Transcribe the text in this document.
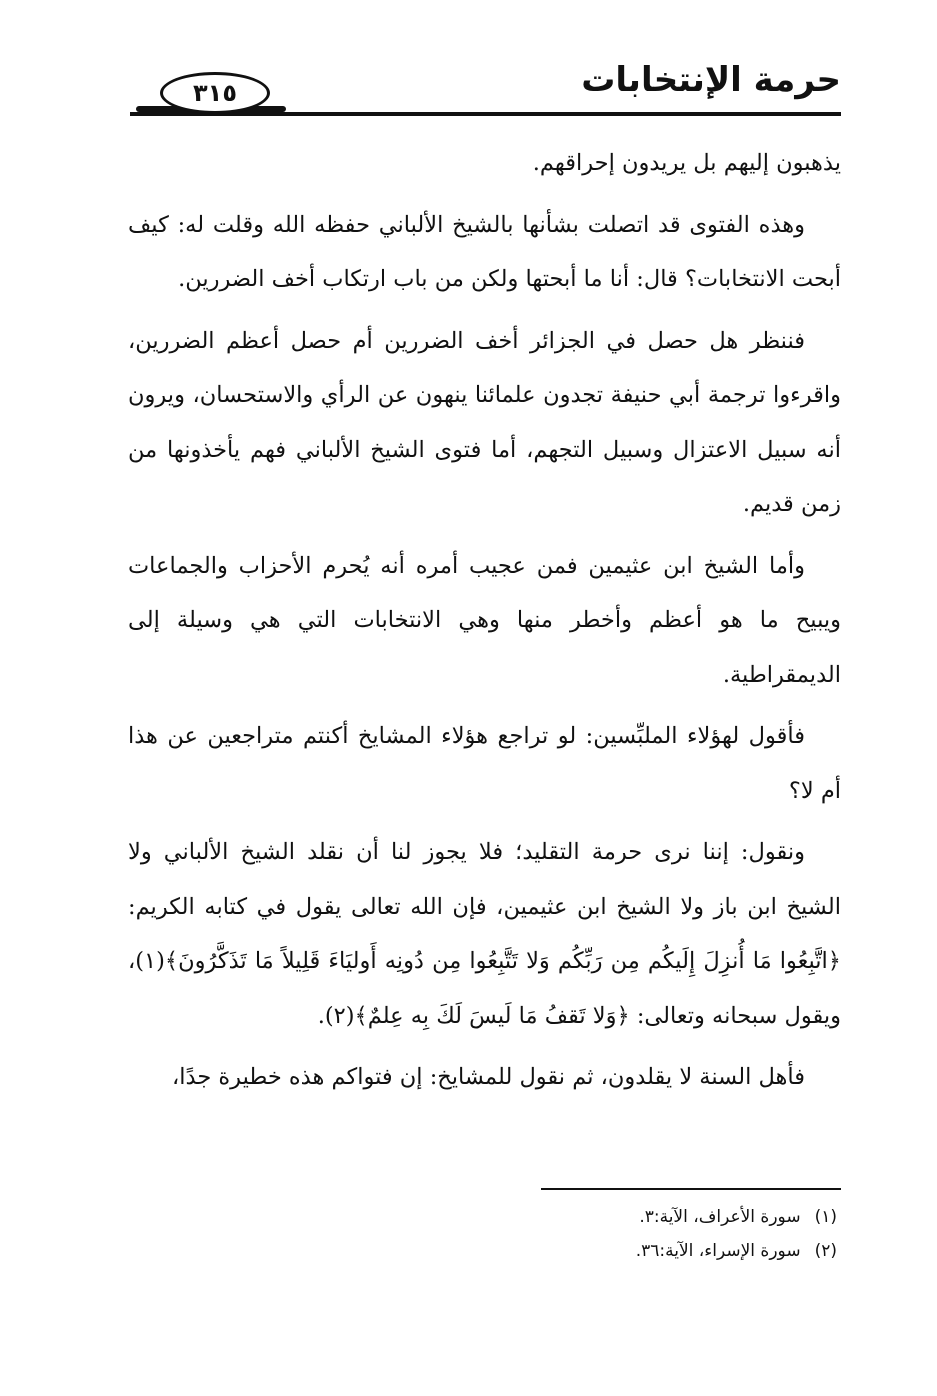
حرمة الإنتخابات
٣١٥

يذهبون إليهم بل يريدون إحراقهم.

وهذه الفتوى قد اتصلت بشأنها بالشيخ الألباني حفظه الله وقلت له: كيف أبحت الانتخابات؟ قال: أنا ما أبحتها ولكن من باب ارتكاب أخف الضررين.

فننظر هل حصل في الجزائر أخف الضررين أم حصل أعظم الضررين، واقرءوا ترجمة أبي حنيفة تجدون علمائنا ينهون عن الرأي والاستحسان، ويرون أنه سبيل الاعتزال وسبيل التجهم، أما فتوى الشيخ الألباني فهم يأخذونها من زمن قديم.

وأما الشيخ ابن عثيمين فمن عجيب أمره أنه يُحرم الأحزاب والجماعات ويبيح ما هو أعظم وأخطر منها وهي الانتخابات التي هي وسيلة إلى الديمقراطية.

فأقول لهؤلاء الملبِّسين: لو تراجع هؤلاء المشايخ أكنتم متراجعين عن هذا أم لا؟

ونقول: إننا نرى حرمة التقليد؛ فلا يجوز لنا أن نقلد الشيخ الألباني ولا الشيخ ابن باز ولا الشيخ ابن عثيمين، فإن الله تعالى يقول في كتابه الكريم: ﴿اتَّبِعُوا مَا أُنزِلَ إِلَيكُم مِن رَبِّكُم وَلا تَتَّبِعُوا مِن دُونِه أَوليَاءَ قَلِيلاً مَا تَذَكَّرُونَ﴾(١)، ويقول سبحانه وتعالى: ﴿وَلا تَقفُ مَا لَيسَ لَكَ بِه عِلمٌ﴾(٢).

فأهل السنة لا يقلدون، ثم نقول للمشايخ: إن فتواكم هذه خطيرة جدًا،

(١)سورة الأعراف، الآية:٣.
(٢)سورة الإسراء، الآية:٣٦.
